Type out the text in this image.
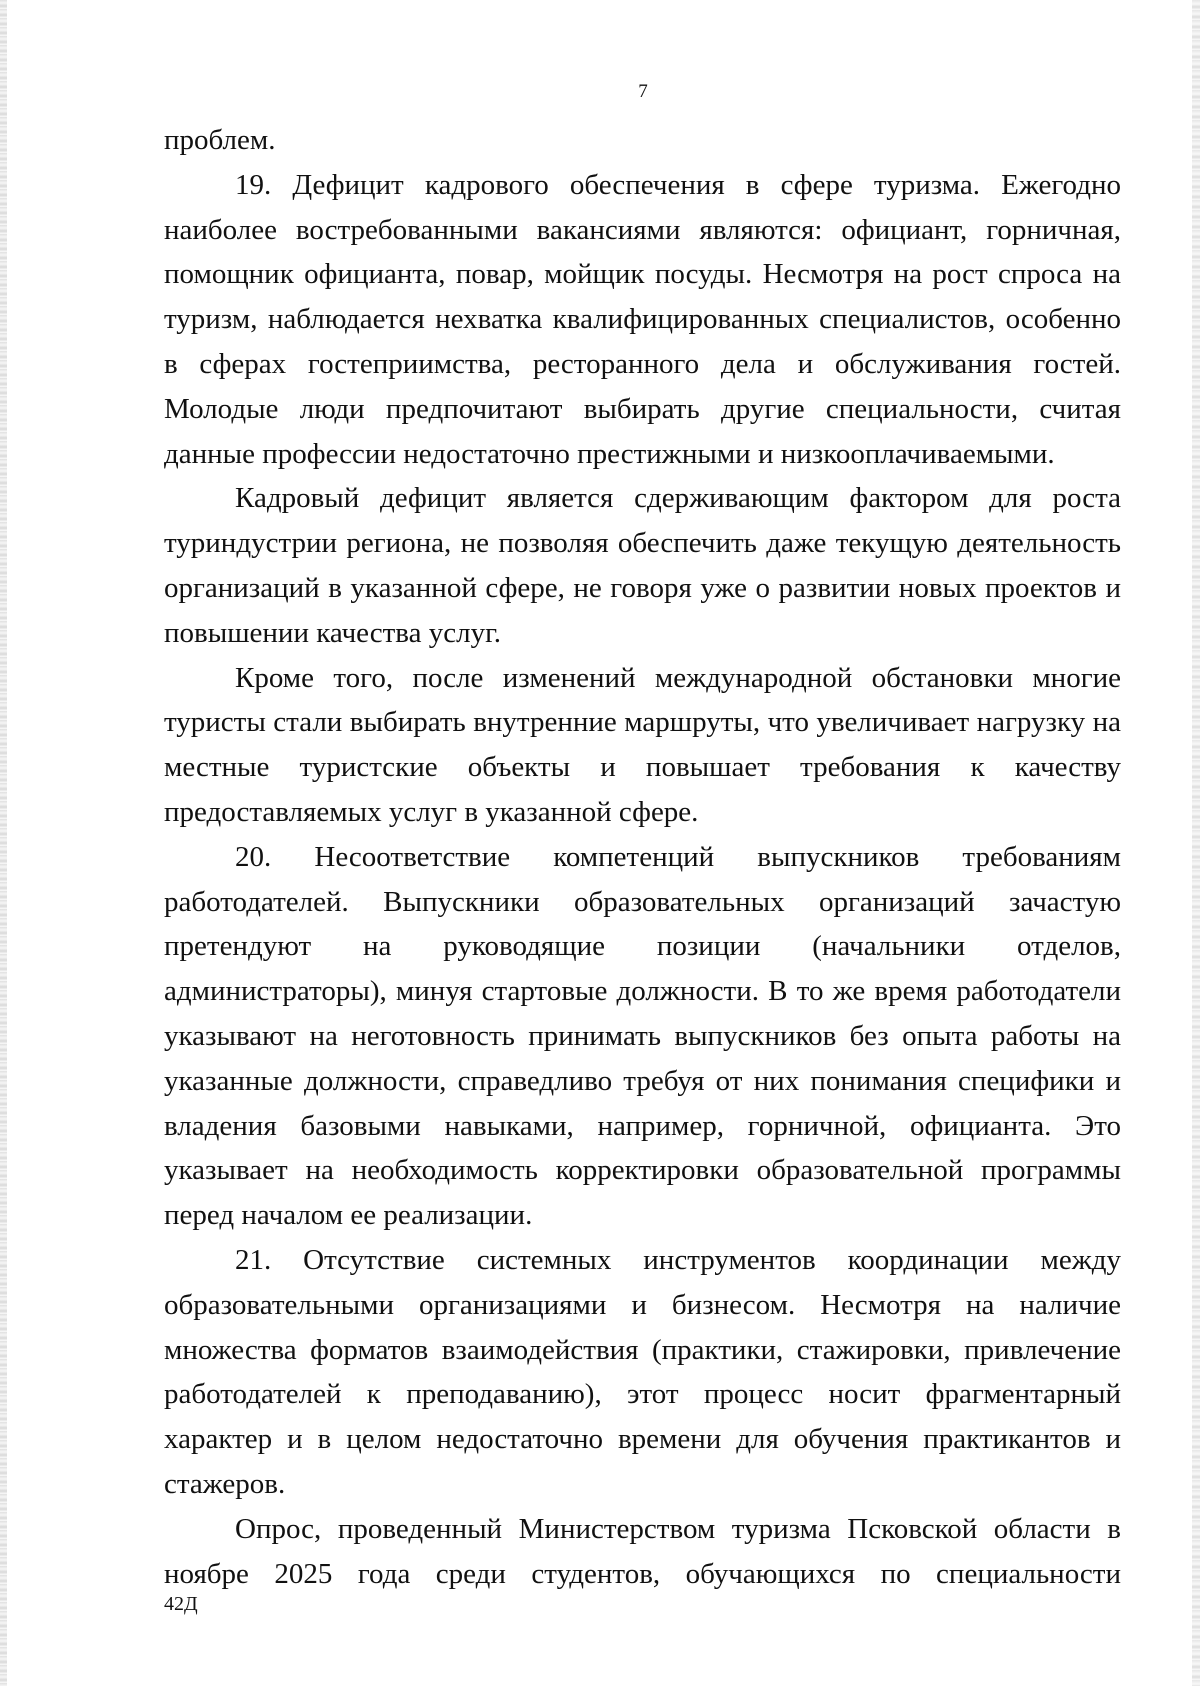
7

проблем.

19. Дефицит кадрового обеспечения в сфере туризма. Ежегодно наиболее востребованными вакансиями являются: официант, горничная, помощник официанта, повар, мойщик посуды. Несмотря на рост спроса на туризм, наблюдается нехватка квалифицированных специалистов, особенно в сферах гостеприимства, ресторанного дела и обслуживания гостей. Молодые люди предпочитают выбирать другие специальности, считая данные профессии недостаточно престижными и низкооплачиваемыми.

Кадровый дефицит является сдерживающим фактором для роста туриндустрии региона, не позволяя обеспечить даже текущую деятельность организаций в указанной сфере, не говоря уже о развитии новых проектов и повышении качества услуг.

Кроме того, после изменений международной обстановки многие туристы стали выбирать внутренние маршруты, что увеличивает нагрузку на местные туристские объекты и повышает требования к качеству предоставляемых услуг в указанной сфере.

20. Несоответствие компетенций выпускников требованиям работодателей. Выпускники образовательных организаций зачастую претендуют на руководящие позиции (начальники отделов, администраторы), минуя стартовые должности. В то же время работодатели указывают на неготовность принимать выпускников без опыта работы на указанные должности, справедливо требуя от них понимания специфики и владения базовыми навыками, например, горничной, официанта. Это указывает на необходимость корректировки образовательной программы перед началом ее реализации.

21. Отсутствие системных инструментов координации между образовательными организациями и бизнесом. Несмотря на наличие множества форматов взаимодействия (практики, стажировки, привлечение работодателей к преподаванию), этот процесс носит фрагментарный характер и в целом недостаточно времени для обучения практикантов и стажеров.

Опрос, проведенный Министерством туризма Псковской области в ноябре 2025 года среди студентов, обучающихся по специальности

42Д
